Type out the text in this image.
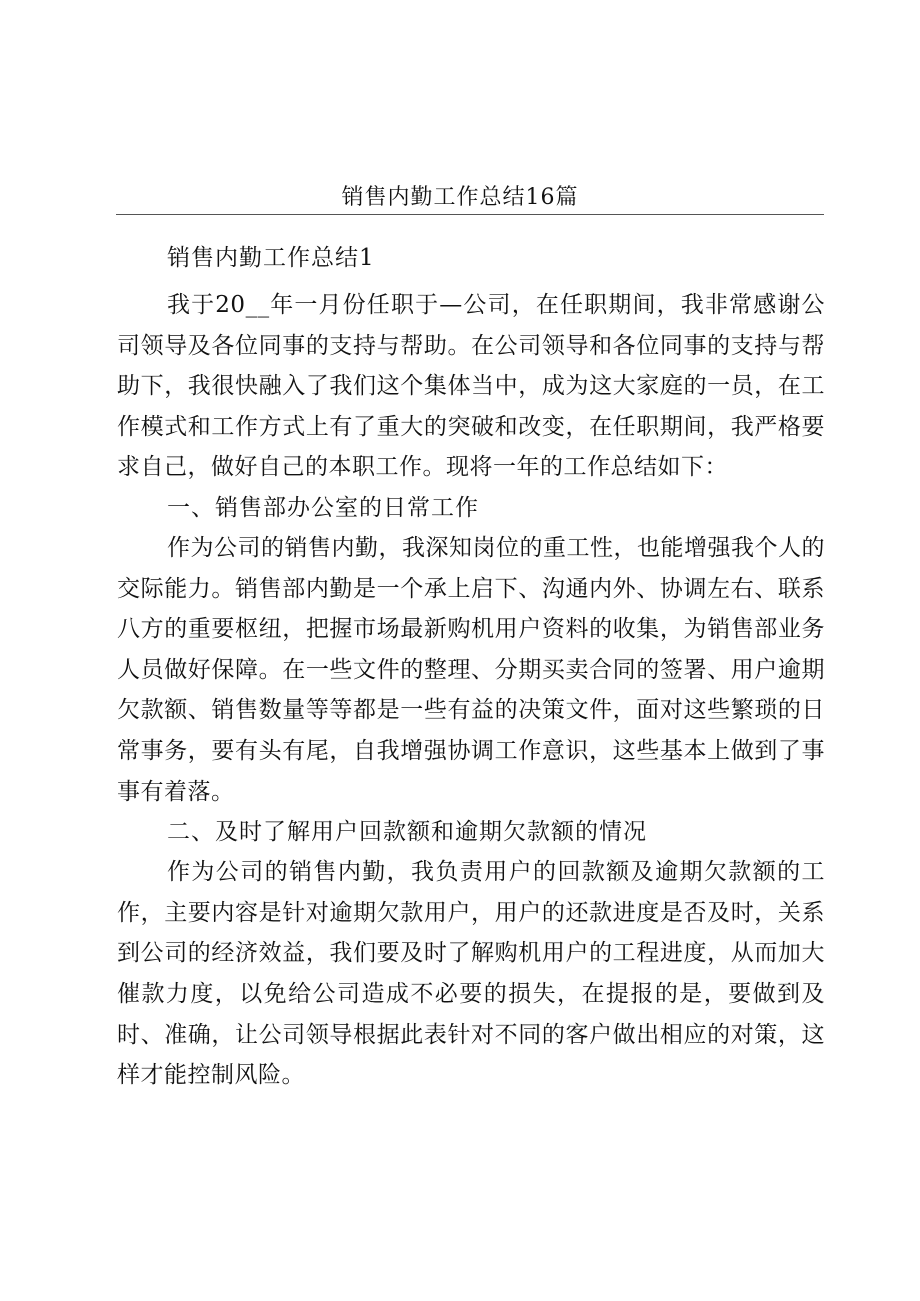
销售内勤工作总结16篇

销售内勤工作总结1

我于20__年一月份任职于—公司，在任职期间，我非常感谢公司领导及各位同事的支持与帮助。在公司领导和各位同事的支持与帮助下，我很快融入了我们这个集体当中，成为这大家庭的一员，在工作模式和工作方式上有了重大的突破和改变，在任职期间，我严格要求自己，做好自己的本职工作。现将一年的工作总结如下：

一、销售部办公室的日常工作

作为公司的销售内勤，我深知岗位的重工性，也能增强我个人的交际能力。销售部内勤是一个承上启下、沟通内外、协调左右、联系八方的重要枢纽，把握市场最新购机用户资料的收集，为销售部业务人员做好保障。在一些文件的整理、分期买卖合同的签署、用户逾期欠款额、销售数量等等都是一些有益的决策文件，面对这些繁琐的日常事务，要有头有尾，自我增强协调工作意识，这些基本上做到了事事有着落。

二、及时了解用户回款额和逾期欠款额的情况

作为公司的销售内勤，我负责用户的回款额及逾期欠款额的工作，主要内容是针对逾期欠款用户，用户的还款进度是否及时，关系到公司的经济效益，我们要及时了解购机用户的工程进度，从而加大催款力度，以免给公司造成不必要的损失，在提报的是，要做到及时、准确，让公司领导根据此表针对不同的客户做出相应的对策，这样才能控制风险。
